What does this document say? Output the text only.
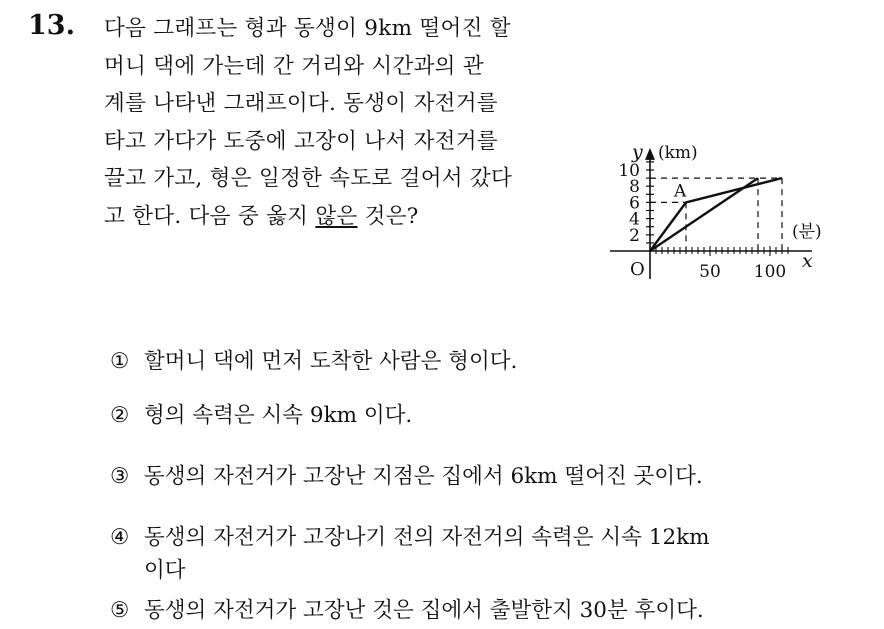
13. 다음 그래프는 형과 동생이 9km 떨어진 할
머니 댁에 가는데 간 거리와 시간과의 관
계를 나타낸 그래프이다. 동생이 자전거를
타고 가다가 도중에 고장이 나서 자전거를
끌고 가고, 형은 일정한 속도로 걸어서 갔다
고 한다. 다음 중 옳지 않은 것은?
2
4
6
8
10
50 100
A
O
y (km)
(분)
x
① 할머니 댁에 먼저 도착한 사람은 형이다.
② 형의 속력은 시속 9km 이다.
③ 동생의 자전거가 고장난 지점은 집에서 6km 떨어진 곳이다.
④ 동생의 자전거가 고장나기 전의 자전거의 속력은 시속 12km
이다
⑤ 동생의 자전거가 고장난 것은 집에서 출발한지 30분 후이다.
